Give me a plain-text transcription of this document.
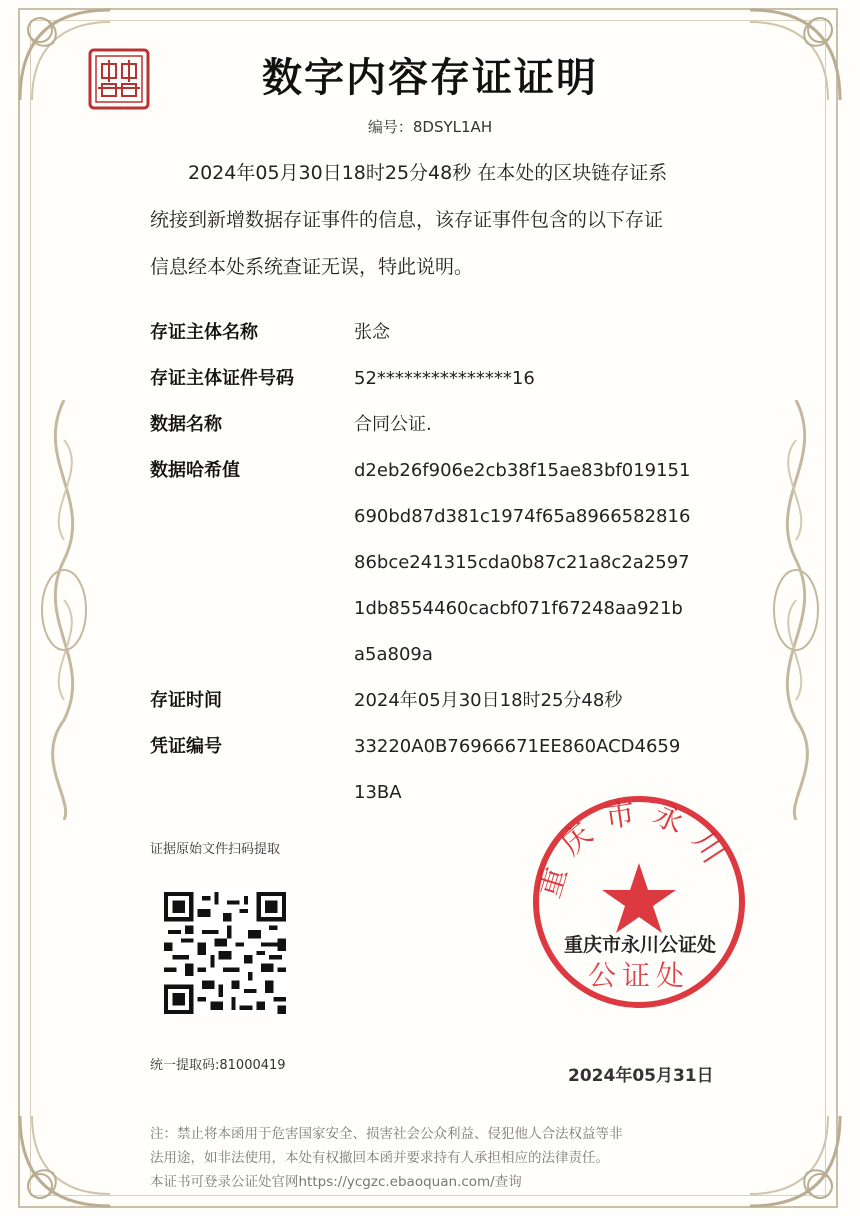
数字内容存证证明
编号：8DSYL1AH
2024年05月30日18时25分48秒 在本处的区块链存证系
统接到新增数据存证事件的信息，该存证事件包含的以下存证
信息经本处系统查证无误，特此说明。
存证主体名称	张念
存证主体证件号码	52***************16
数据名称	合同公证.
数据哈希值	d2eb26f906e2cb38f15ae83bf019151
690bd87d381c1974f65a8966582816
86bce241315cda0b87c21a8c2a2597
1db8554460cacbf071f67248aa921b
a5a809a
存证时间	2024年05月30日18时25分48秒
凭证编号	33220A0B76966671EE860ACD4659
13BA
证据原始文件扫码提取
统一提取码:81000419
重庆市永川
公证处
重庆市永川公证处
2024年05月31日
注：禁止将本函用于危害国家安全、损害社会公众利益、侵犯他人合法权益等非
法用途，如非法使用，本处有权撤回本函并要求持有人承担相应的法律责任。
本证书可登录公证处官网https://ycgzc.ebaoquan.com/查询
